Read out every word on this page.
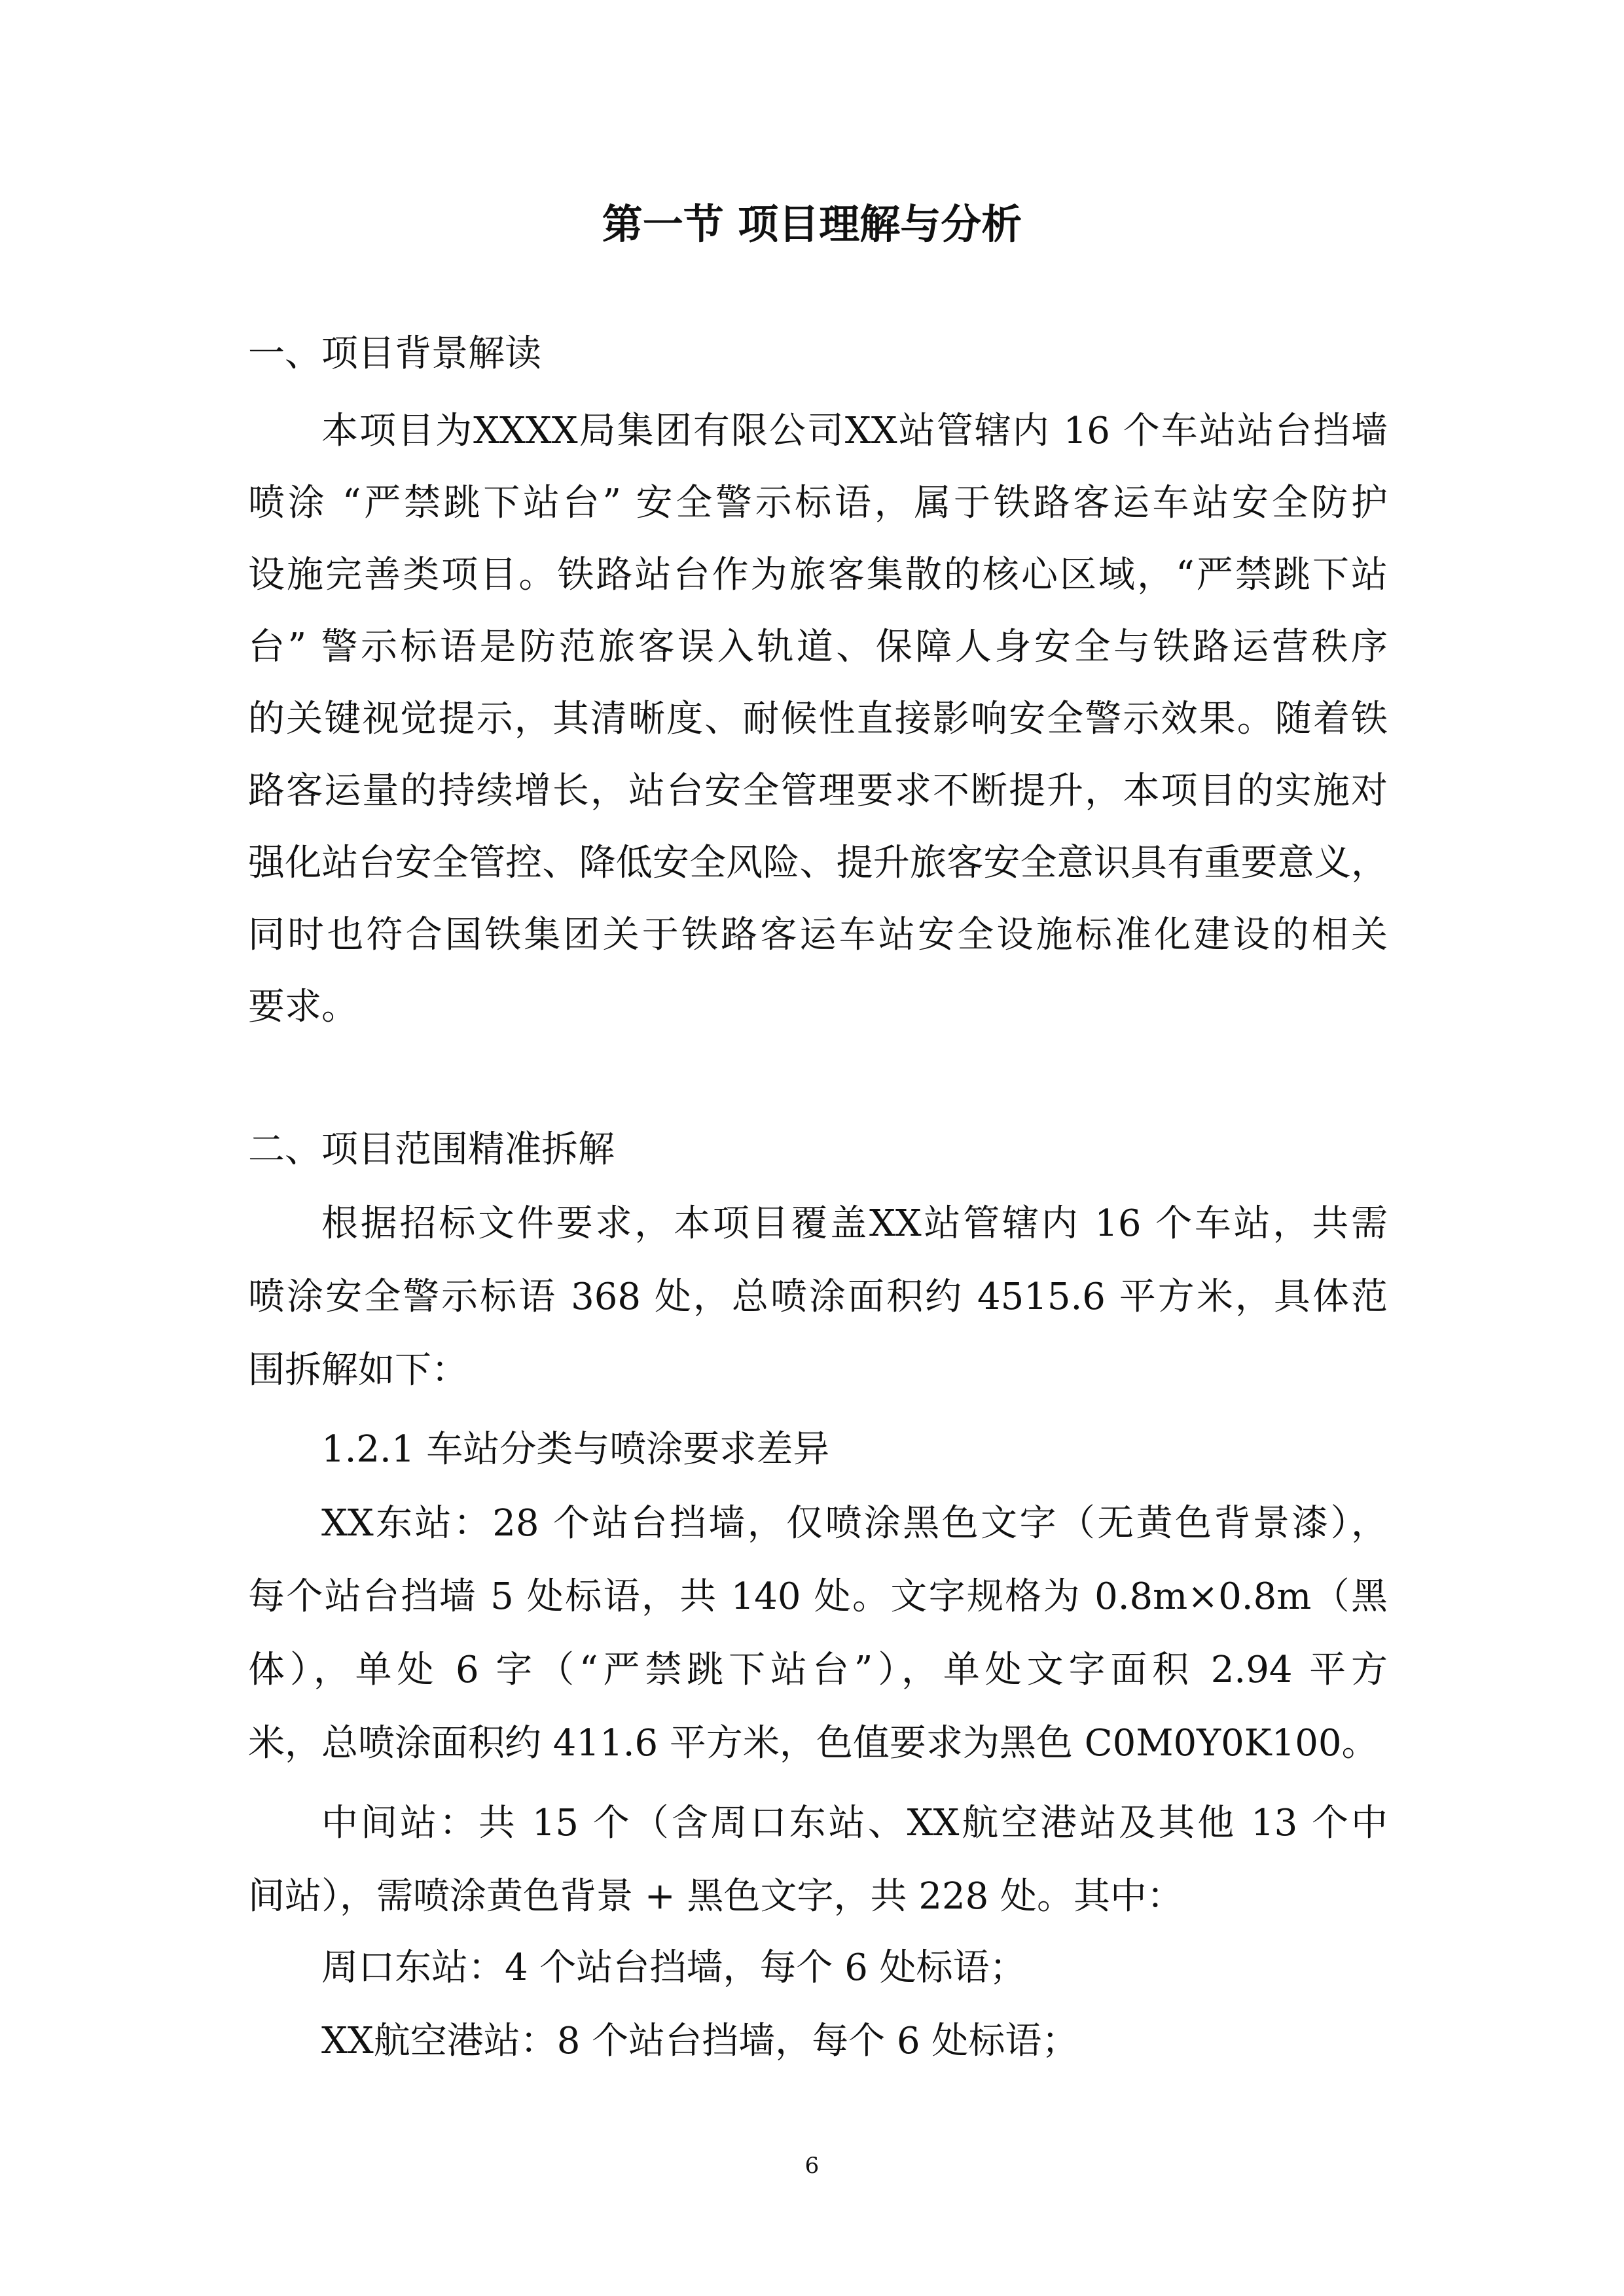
第一节 项目理解与分析
一、项目背景解读
本项目为XXXX局集团有限公司XX站管辖内 16 个车站站台挡墙
喷涂 “严禁跳下站台” 安全警示标语，属于铁路客运车站安全防护
设施完善类项目。铁路站台作为旅客集散的核心区域，“严禁跳下站
台” 警示标语是防范旅客误入轨道、保障人身安全与铁路运营秩序
的关键视觉提示，其清晰度、耐候性直接影响安全警示效果。随着铁
路客运量的持续增长，站台安全管理要求不断提升，本项目的实施对
强化站台安全管控、降低安全风险、提升旅客安全意识具有重要意义，
同时也符合国铁集团关于铁路客运车站安全设施标准化建设的相关
要求。
二、项目范围精准拆解
根据招标文件要求，本项目覆盖XX站管辖内 16 个车站，共需
喷涂安全警示标语 368 处，总喷涂面积约 4515.6 平方米，具体范
围拆解如下：
1.2.1 车站分类与喷涂要求差异
XX东站：28 个站台挡墙，仅喷涂黑色文字（无黄色背景漆），
每个站台挡墙 5 处标语，共 140 处。文字规格为 0.8m×0.8m（黑
体），单处 6 字（“严禁跳下站台”），单处文字面积 2.94 平方
米，总喷涂面积约 411.6 平方米，色值要求为黑色 C0M0Y0K100。
中间站：共 15 个（含周口东站、XX航空港站及其他 13 个中
间站），需喷涂黄色背景 + 黑色文字，共 228 处。其中：
周口东站：4 个站台挡墙，每个 6 处标语；
XX航空港站：8 个站台挡墙，每个 6 处标语；
6
